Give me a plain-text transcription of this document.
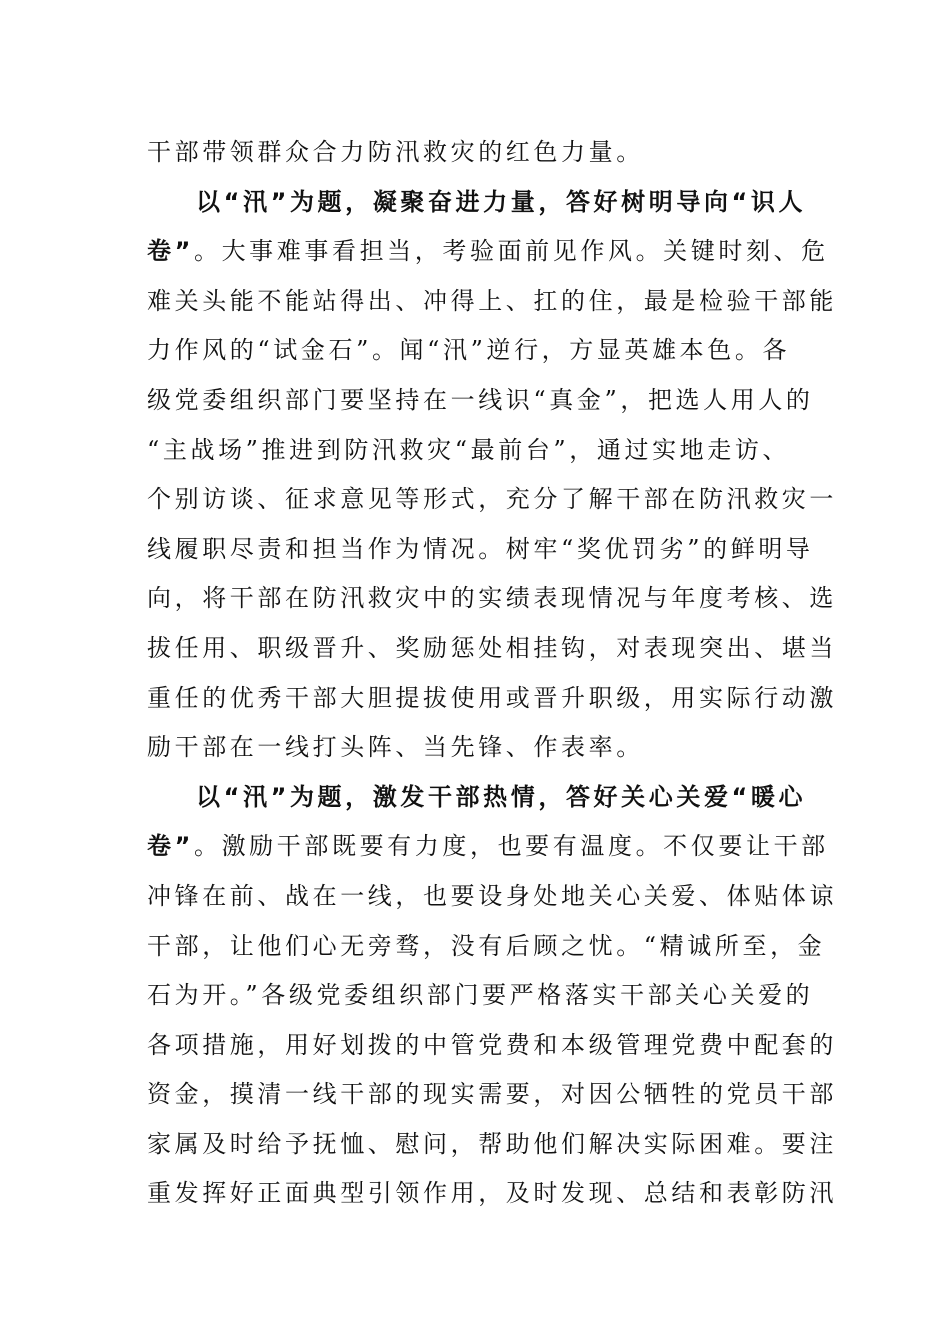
干部带领群众合力防汛救灾的红色力量。
以“汛”为题，凝聚奋进力量，答好树明导向“识人
卷”。大事难事看担当，考验面前见作风。关键时刻、危
难关头能不能站得出、冲得上、扛的住，最是检验干部能
力作风的“试金石”。闻“汛”逆行，方显英雄本色。各
级党委组织部门要坚持在一线识“真金”，把选人用人的
“主战场”推进到防汛救灾“最前台”，通过实地走访、
个别访谈、征求意见等形式，充分了解干部在防汛救灾一
线履职尽责和担当作为情况。树牢“奖优罚劣”的鲜明导
向，将干部在防汛救灾中的实绩表现情况与年度考核、选
拔任用、职级晋升、奖励惩处相挂钩，对表现突出、堪当
重任的优秀干部大胆提拔使用或晋升职级，用实际行动激
励干部在一线打头阵、当先锋、作表率。
以“汛”为题，激发干部热情，答好关心关爱“暖心
卷”。激励干部既要有力度，也要有温度。不仅要让干部
冲锋在前、战在一线，也要设身处地关心关爱、体贴体谅
干部，让他们心无旁骛，没有后顾之忧。“精诚所至，金
石为开。”各级党委组织部门要严格落实干部关心关爱的
各项措施，用好划拨的中管党费和本级管理党费中配套的
资金，摸清一线干部的现实需要，对因公牺牲的党员干部
家属及时给予抚恤、慰问，帮助他们解决实际困难。要注
重发挥好正面典型引领作用，及时发现、总结和表彰防汛
